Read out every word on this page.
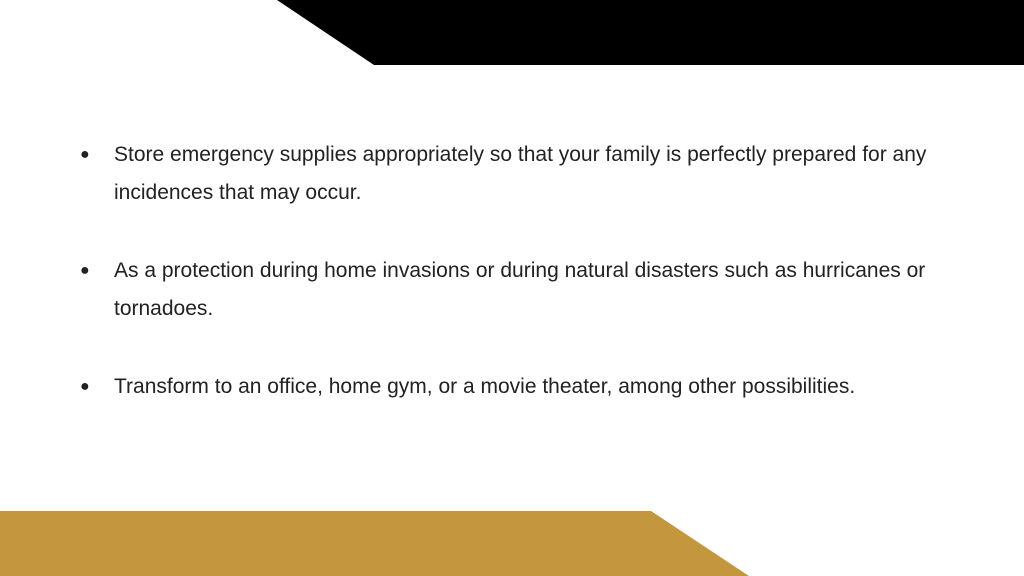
● Store emergency supplies appropriately so that your family is perfectly prepared for any incidences that may occur.
● As a protection during home invasions or during natural disasters such as hurricanes or tornadoes.
● Transform to an office, home gym, or a movie theater, among other possibilities.
